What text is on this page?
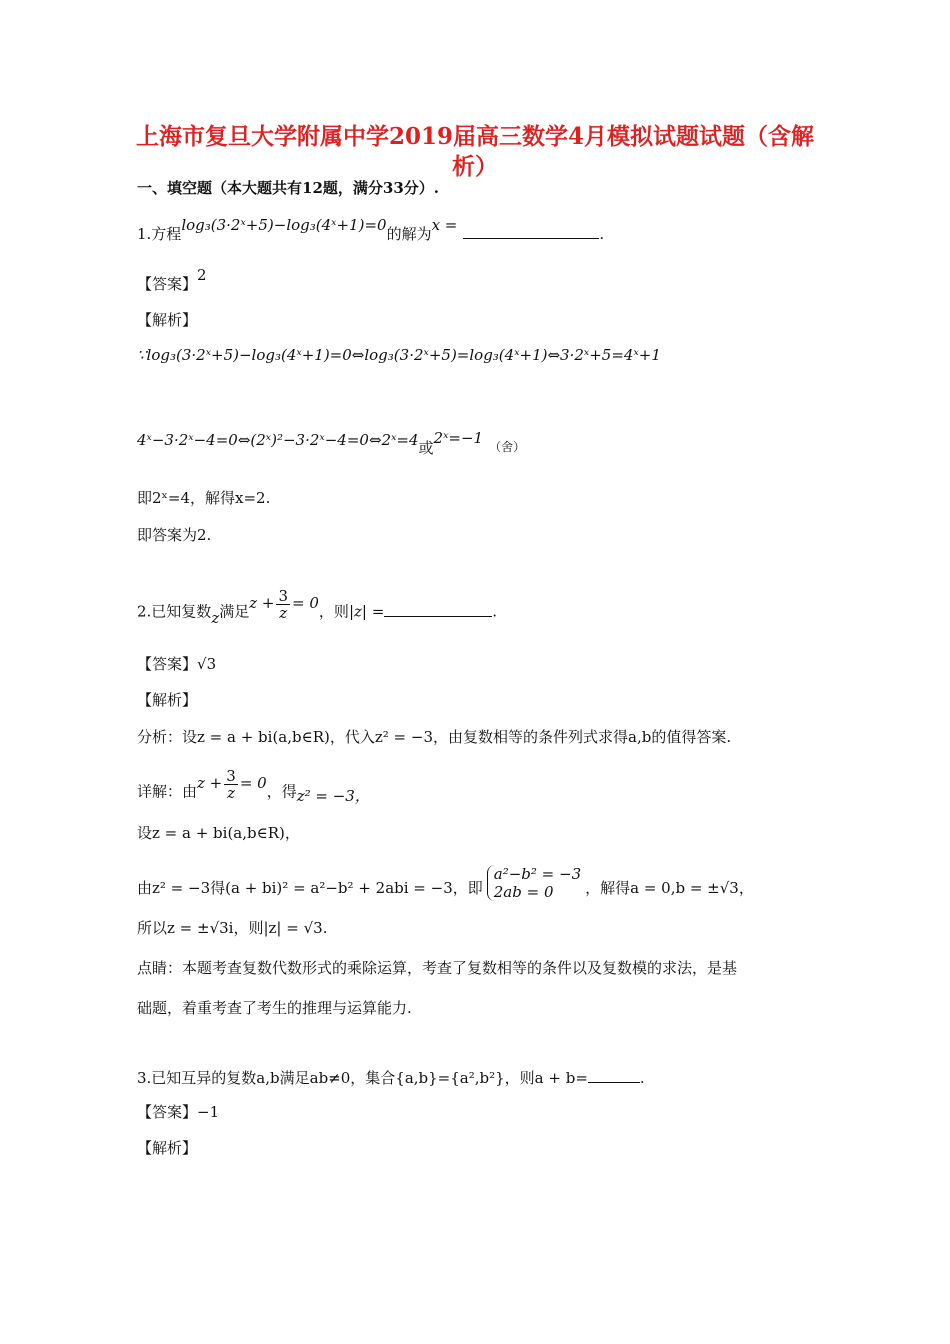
上海市复旦大学附属中学2019届高三数学4月模拟试题试题（含解
析）
一、填空题（本大题共有12题，满分33分）.
1.方程log₃(3·2ˣ+5)−log₃(4ˣ+1)=0的解为x =	.
【答案】2
【解析】
∵log₃(3·2ˣ+5)−log₃(4ˣ+1)=0⇔log₃(3·2ˣ+5)=log₃(4ˣ+1)⇔3·2ˣ+5=4ˣ+1
4ˣ−3·2ˣ−4=0⇔(2ˣ)²−3·2ˣ−4=0⇔2ˣ=4或2ˣ=−1 $_{(舍)}$
即2ˣ=4，解得x=2.
即答案为2.
2.已知复数z满足$z + \frac{3}{z} = 0$，则|z| =	.
【答案】√3
【解析】
分析：设z = a + bi(a,b∈R)，代入z² = −3，由复数相等的条件列式求得a,b的值得答案.
详解：由$z + \frac{3}{z} = 0$，得z² = −3，
设z = a + bi(a,b∈R)，
由z² = −3得(a + bi)² = a²−b² + 2abi = −3，即
a²−b² = −3
2ab = 0	，解得a = 0,b = ±√3，
所以z = ±√3i，则|z| = √3.
点睛：本题考查复数代数形式的乘除运算，考查了复数相等的条件以及复数模的求法，是基
础题，着重考查了考生的推理与运算能力.
3.已知互异的复数a,b满足ab≠0，集合{a,b}={a²,b²}，则a + b=	.
【答案】−1
【解析】
